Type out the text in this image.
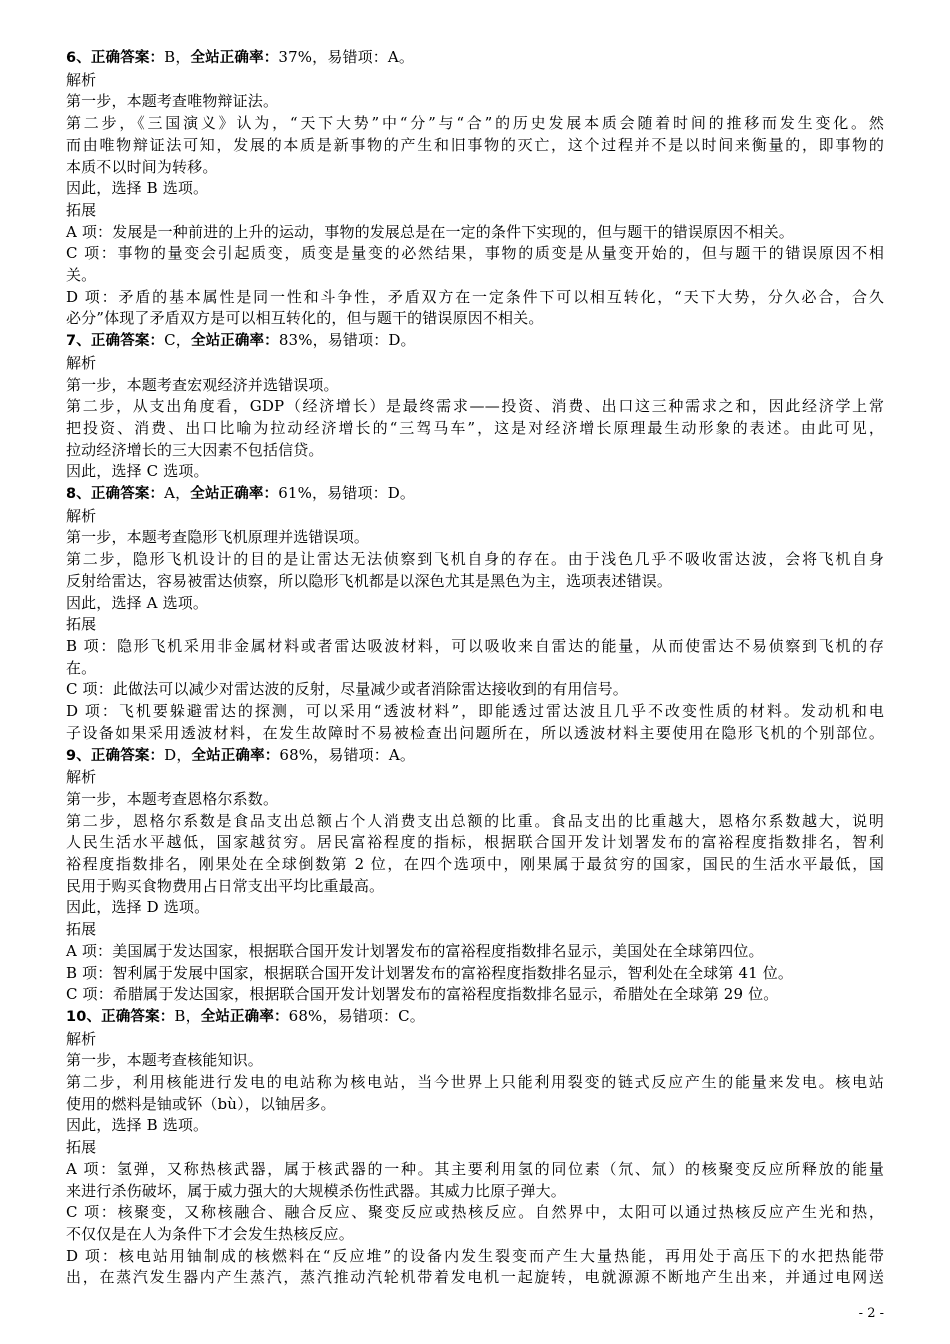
6、正确答案：B，全站正确率：37%，易错项：A。
解析
第一步，本题考查唯物辩证法。
第二步，《三国演义》认为，“天下大势”中“分”与“合”的历史发展本质会随着时间的推移而发生变化。然
而由唯物辩证法可知，发展的本质是新事物的产生和旧事物的灭亡，这个过程并不是以时间来衡量的，即事物的
本质不以时间为转移。
因此，选择 B 选项。
拓展
A 项：发展是一种前进的上升的运动，事物的发展总是在一定的条件下实现的，但与题干的错误原因不相关。
C 项：事物的量变会引起质变，质变是量变的必然结果，事物的质变是从量变开始的，但与题干的错误原因不相
关。
D 项：矛盾的基本属性是同一性和斗争性，矛盾双方在一定条件下可以相互转化，“天下大势，分久必合，合久
必分”体现了矛盾双方是可以相互转化的，但与题干的错误原因不相关。
7、正确答案：C，全站正确率：83%，易错项：D。
解析
第一步，本题考查宏观经济并选错误项。
第二步，从支出角度看，GDP（经济增长）是最终需求——投资、消费、出口这三种需求之和，因此经济学上常
把投资、消费、出口比喻为拉动经济增长的“三驾马车”，这是对经济增长原理最生动形象的表述。由此可见，
拉动经济增长的三大因素不包括信贷。
因此，选择 C 选项。
8、正确答案：A，全站正确率：61%，易错项：D。
解析
第一步，本题考查隐形飞机原理并选错误项。
第二步，隐形飞机设计的目的是让雷达无法侦察到飞机自身的存在。由于浅色几乎不吸收雷达波，会将飞机自身
反射给雷达，容易被雷达侦察，所以隐形飞机都是以深色尤其是黑色为主，选项表述错误。
因此，选择 A 选项。
拓展
B 项：隐形飞机采用非金属材料或者雷达吸波材料，可以吸收来自雷达的能量，从而使雷达不易侦察到飞机的存
在。
C 项：此做法可以减少对雷达波的反射，尽量减少或者消除雷达接收到的有用信号。
D 项：飞机要躲避雷达的探测，可以采用“透波材料”，即能透过雷达波且几乎不改变性质的材料。发动机和电
子设备如果采用透波材料，在发生故障时不易被检查出问题所在，所以透波材料主要使用在隐形飞机的个别部位。
9、正确答案：D，全站正确率：68%，易错项：A。
解析
第一步，本题考查恩格尔系数。
第二步，恩格尔系数是食品支出总额占个人消费支出总额的比重。食品支出的比重越大，恩格尔系数越大，说明
人民生活水平越低，国家越贫穷。居民富裕程度的指标，根据联合国开发计划署发布的富裕程度指数排名，智利
裕程度指数排名，刚果处在全球倒数第 2 位，在四个选项中，刚果属于最贫穷的国家，国民的生活水平最低，国
民用于购买食物费用占日常支出平均比重最高。
因此，选择 D 选项。
拓展
A 项：美国属于发达国家，根据联合国开发计划署发布的富裕程度指数排名显示，美国处在全球第四位。
B 项：智利属于发展中国家，根据联合国开发计划署发布的富裕程度指数排名显示，智利处在全球第 41 位。
C 项：希腊属于发达国家，根据联合国开发计划署发布的富裕程度指数排名显示，希腊处在全球第 29 位。
10、正确答案：B，全站正确率：68%，易错项：C。
解析
第一步，本题考查核能知识。
第二步，利用核能进行发电的电站称为核电站，当今世界上只能利用裂变的链式反应产生的能量来发电。核电站
使用的燃料是铀或钚（bù），以铀居多。
因此，选择 B 选项。
拓展
A 项：氢弹，又称热核武器，属于核武器的一种。其主要利用氢的同位素（氘、氚）的核聚变反应所释放的能量
来进行杀伤破坏，属于威力强大的大规模杀伤性武器。其威力比原子弹大。
C 项：核聚变，又称核融合、融合反应、聚变反应或热核反应。自然界中，太阳可以通过热核反应产生光和热，
不仅仅是在人为条件下才会发生热核反应。
D 项：核电站用铀制成的核燃料在“反应堆”的设备内发生裂变而产生大量热能，再用处于高压下的水把热能带
出，在蒸汽发生器内产生蒸汽，蒸汽推动汽轮机带着发电机一起旋转，电就源源不断地产生出来，并通过电网送
- 2 -
